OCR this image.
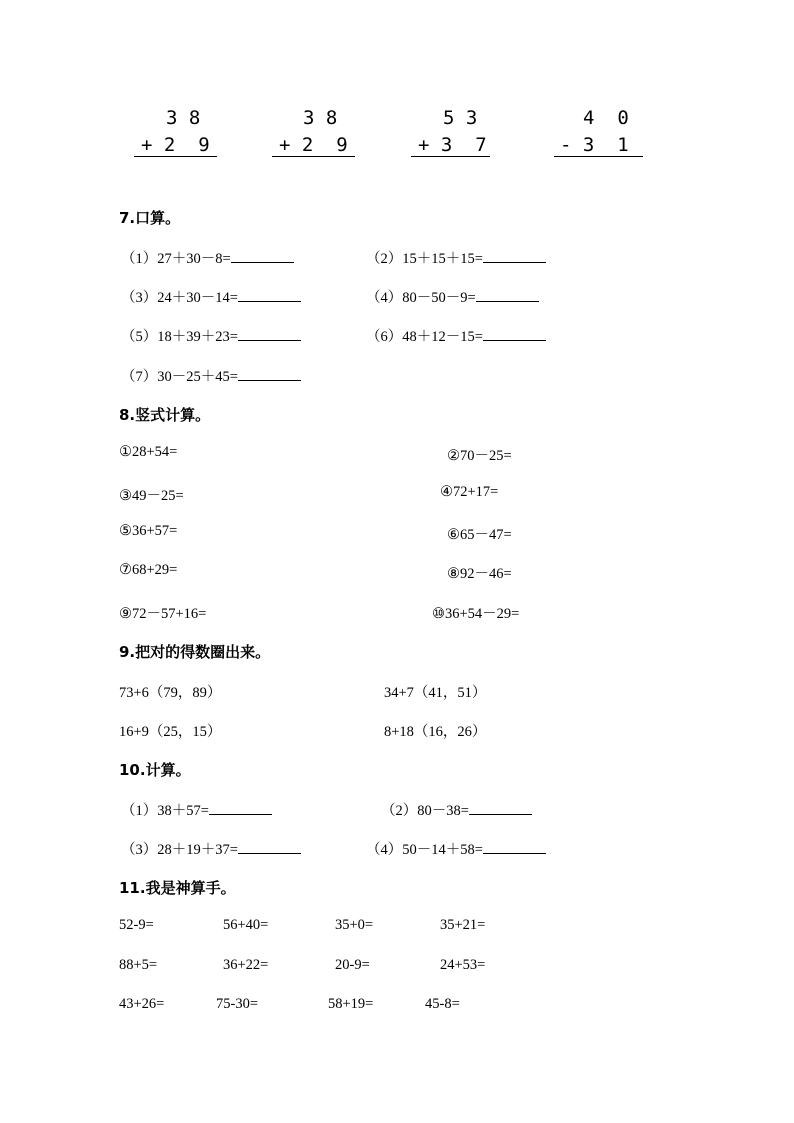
3 8
+ 2  9
3 8
+ 2  9
5 3
+ 3  7
4  0
- 3  1
7.口算。
（1）27＋30－8=	（2）15＋15＋15=
（3）24＋30－14=	（4）80－50－9=
（5）18＋39＋23=	（6）48＋12－15=
（7）30－25＋45=
8.竖式计算。
①28+54=	②70－25=
③49－25=	④72+17=
⑤36+57=	⑥65－47=
⑦68+29=	⑧92－46=
⑨72－57+16=	⑩36+54－29=
9.把对的得数圈出来。
73+6（79，89）	34+7（41，51）
16+9（25，15）	8+18（16，26）
10.计算。
（1）38＋57=	（2）80－38=
（3）28＋19＋37=	（4）50－14＋58=
11.我是神算手。
52-9=	56+40=	35+0=	35+21=
88+5=	36+22=	20-9=	24+53=
43+26=	75-30=	58+19=	45-8=
